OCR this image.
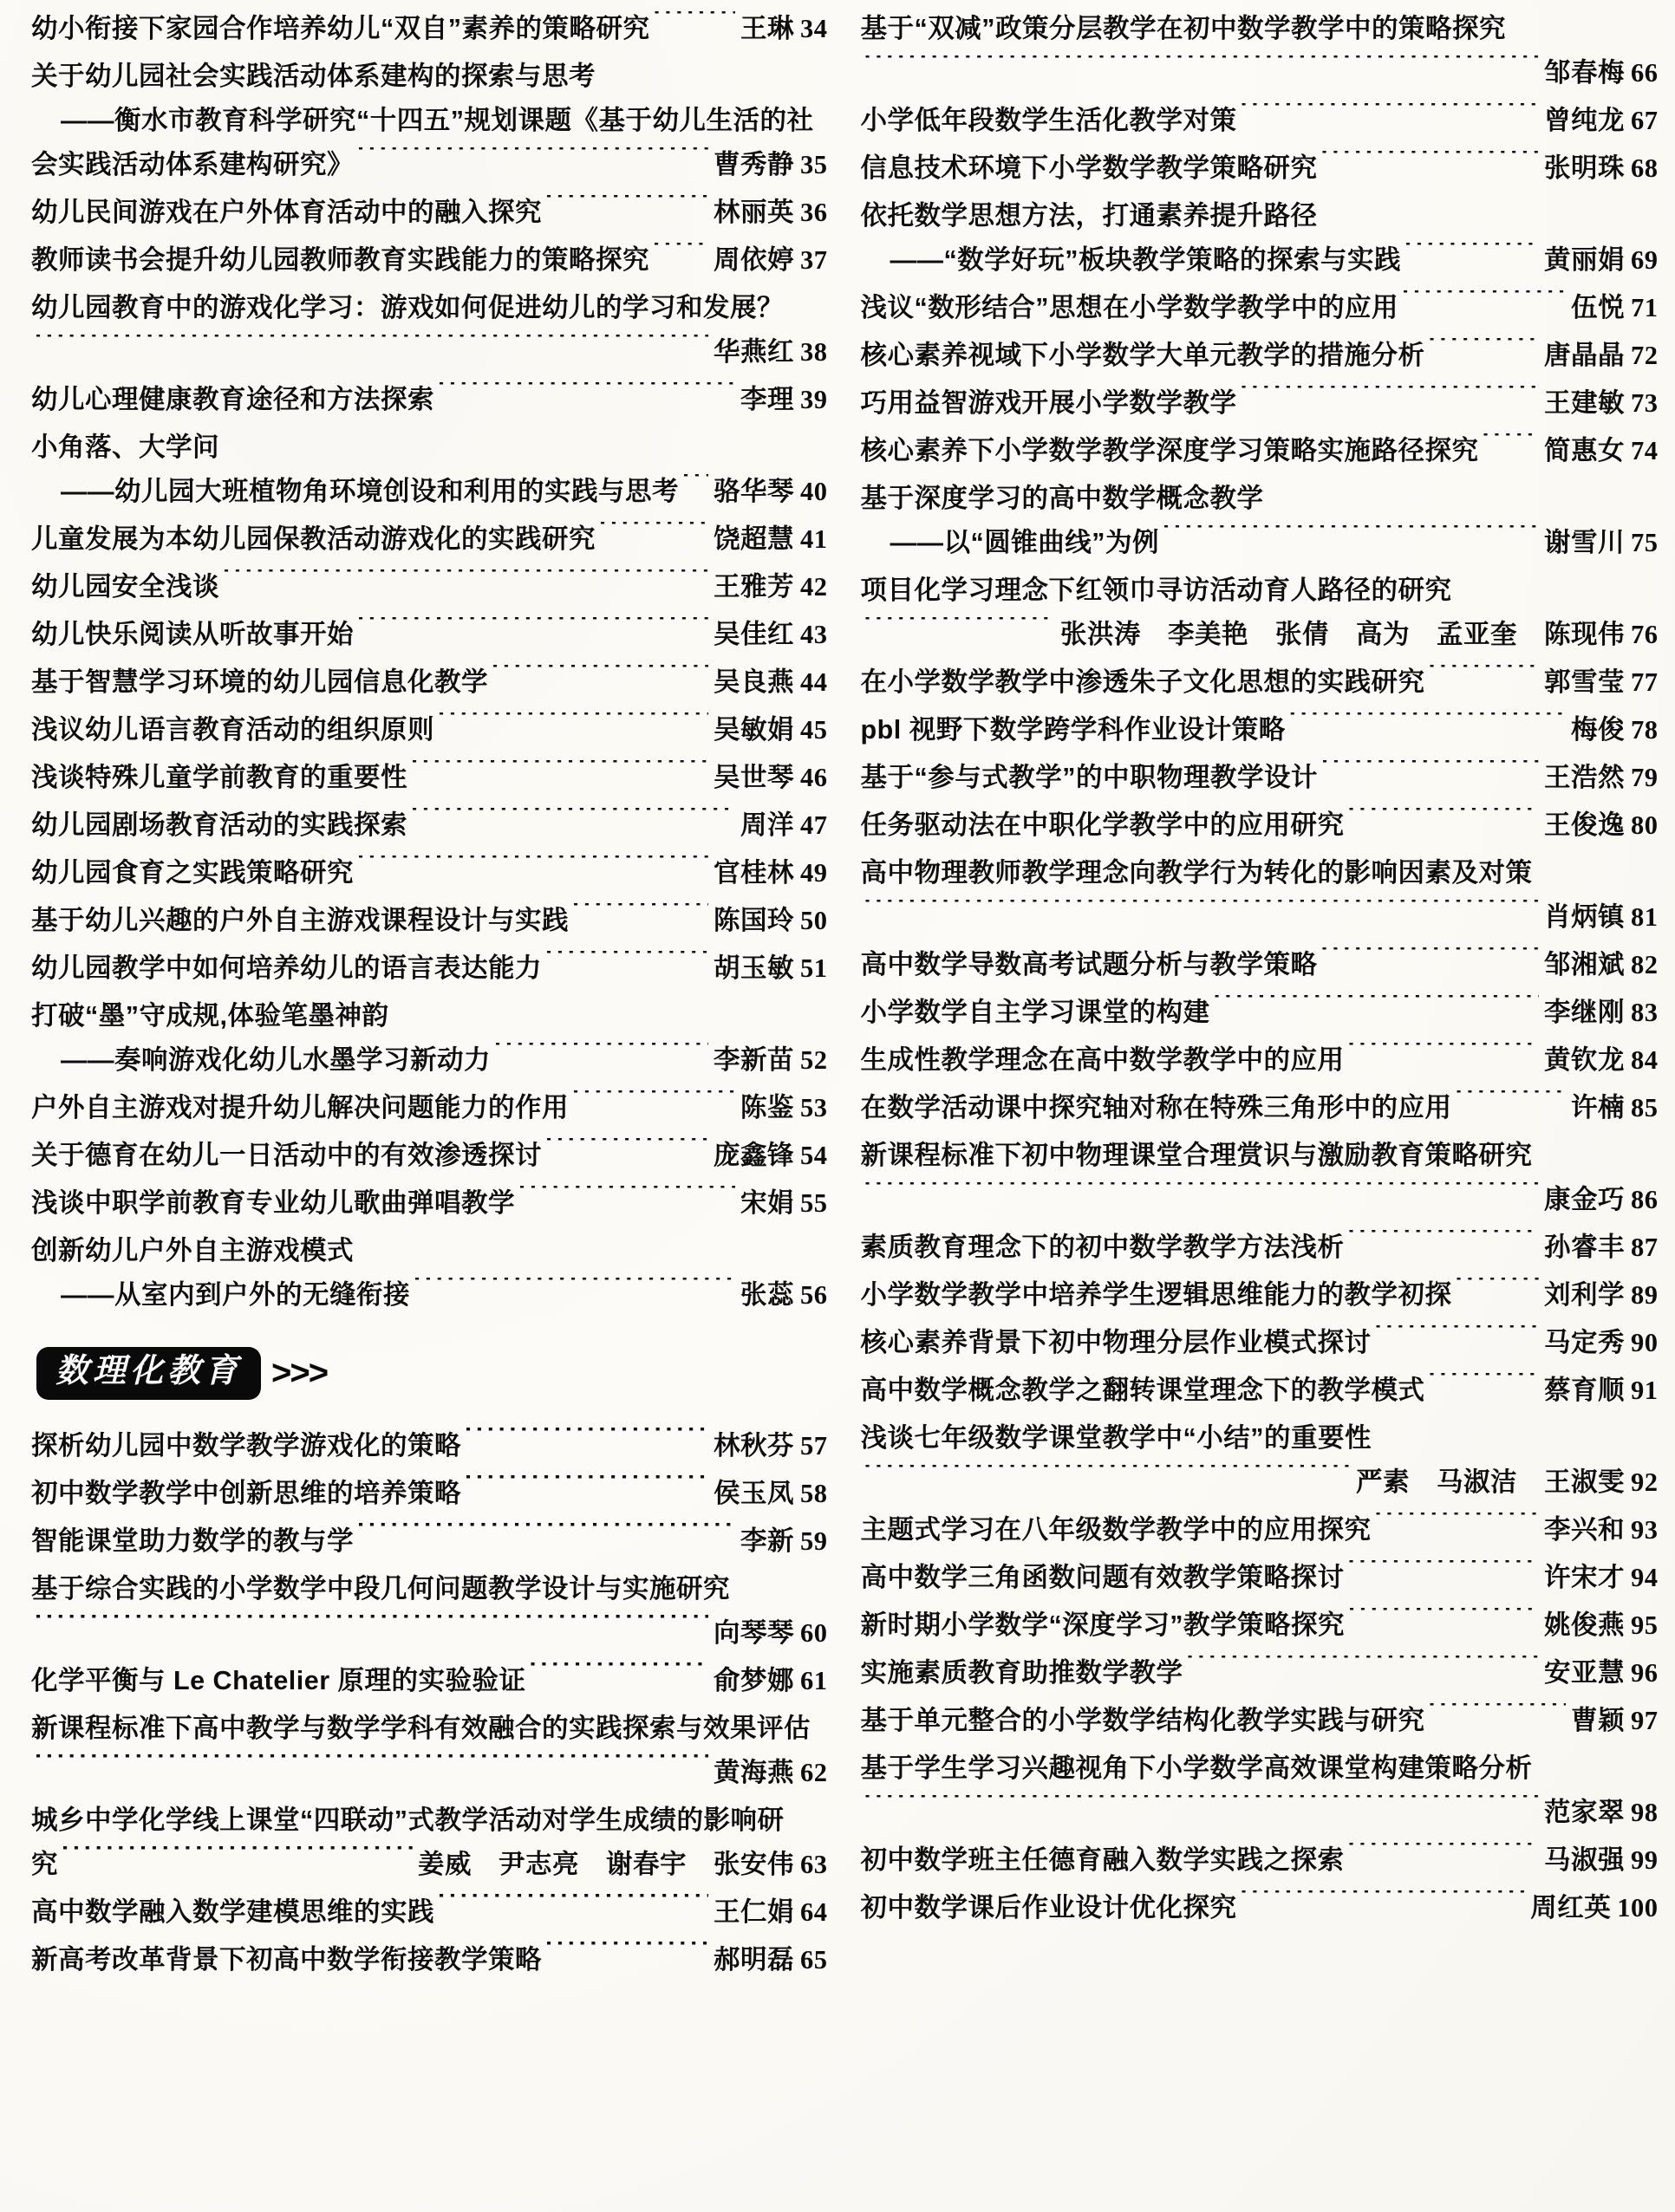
幼小衔接下家园合作培养幼儿“双自”素养的策略研究 ·····	王琳 34
关于幼儿园社会实践活动体系建构的探索与思考
——衡水市教育科学研究“十四五”规划课题《基于幼儿生活的社
会实践活动体系建构研究》 ·····	曹秀静 35
幼儿民间游戏在户外体育活动中的融入探究 ·····	林丽英 36
教师读书会提升幼儿园教师教育实践能力的策略探究 ····· 周依婷 37
幼儿园教育中的游戏化学习：游戏如何促进幼儿的学习和发展？
·····
华燕红 38
幼儿心理健康教育途径和方法探索 ·····	李理 39
小角落、大学问
——幼儿园大班植物角环境创设和利用的实践与思考 ····· 骆华琴 40
儿童发展为本幼儿园保教活动游戏化的实践研究 ·····	饶超慧 41
幼儿园安全浅谈 ·····	王雅芳 42
幼儿快乐阅读从听故事开始 ·····	吴佳红 43
基于智慧学习环境的幼儿园信息化教学 ·····	吴良燕 44
浅议幼儿语言教育活动的组织原则 ·····	吴敏娟 45
浅谈特殊儿童学前教育的重要性 ·····	吴世琴 46
幼儿园剧场教育活动的实践探索 ·····	周洋 47
幼儿园食育之实践策略研究 ·····	官桂林 49
基于幼儿兴趣的户外自主游戏课程设计与实践 ·····	陈国玲 50
幼儿园教学中如何培养幼儿的语言表达能力 ·····	胡玉敏 51
打破“墨”守成规,体验笔墨神韵
——奏响游戏化幼儿水墨学习新动力 ·····	李新苗 52
户外自主游戏对提升幼儿解决问题能力的作用 ·····	陈鉴 53
关于德育在幼儿一日活动中的有效渗透探讨 ·····	庞鑫锋 54
浅谈中职学前教育专业幼儿歌曲弹唱教学 ·····	宋娟 55
创新幼儿户外自主游戏模式
——从室内到户外的无缝衔接 ·····	张蕊 56
数理化教育 >>>
探析幼儿园中数学教学游戏化的策略 ·····	林秋芬 57
初中数学教学中创新思维的培养策略 ·····	侯玉凤 58
智能课堂助力数学的教与学 ·····	李新 59
基于综合实践的小学数学中段几何问题教学设计与实施研究
·····
向琴琴 60
化学平衡与 Le Chatelier 原理的实验验证 ·····	俞梦娜 61
新课程标准下高中教学与数学学科有效融合的实践探索与效果评估
·····
黄海燕 62
城乡中学化学线上课堂“四联动”式教学活动对学生成绩的影响研
究 ·····	姜威　尹志亮　谢春宇　张安伟 63
高中数学融入数学建模思维的实践 ·····	王仁娟 64
新高考改革背景下初高中数学衔接教学策略 ·····	郝明磊 65
基于“双减”政策分层教学在初中数学教学中的策略探究
·····
邹春梅 66
小学低年段数学生活化教学对策 ·····	曾纯龙 67
信息技术环境下小学数学教学策略研究 ·····	张明珠 68
依托数学思想方法，打通素养提升路径
——“数学好玩”板块教学策略的探索与实践 ·····	黄丽娟 69
浅议“数形结合”思想在小学数学教学中的应用 ·····	伍悦 71
核心素养视域下小学数学大单元教学的措施分析 ·····	唐晶晶 72
巧用益智游戏开展小学数学教学 ·····	王建敏 73
核心素养下小学数学教学深度学习策略实施路径探究 ····· 简惠女 74
基于深度学习的高中数学概念教学
——以“圆锥曲线”为例 ·····	谢雪川 75
项目化学习理念下红领巾寻访活动育人路径的研究
·····
张洪涛　李美艳　张倩　高为　孟亚奎　陈现伟 76
在小学数学教学中渗透朱子文化思想的实践研究 ·····	郭雪莹 77
pbl 视野下数学跨学科作业设计策略 ·····	梅俊 78
基于“参与式教学”的中职物理教学设计 ·····	王浩然 79
任务驱动法在中职化学教学中的应用研究 ·····	王俊逸 80
高中物理教师教学理念向教学行为转化的影响因素及对策
·····
肖炳镇 81
高中数学导数高考试题分析与教学策略 ·····	邹湘斌 82
小学数学自主学习课堂的构建 ·····	李继刚 83
生成性教学理念在高中数学教学中的应用 ·····	黄钦龙 84
在数学活动课中探究轴对称在特殊三角形中的应用 ·····	许楠 85
新课程标准下初中物理课堂合理赏识与激励教育策略研究
·····
康金巧 86
素质教育理念下的初中数学教学方法浅析 ·····	孙睿丰 87
小学数学教学中培养学生逻辑思维能力的教学初探 ·····	刘利学 89
核心素养背景下初中物理分层作业模式探讨 ·····	马定秀 90
高中数学概念教学之翻转课堂理念下的教学模式 ·····	蔡育顺 91
浅谈七年级数学课堂教学中“小结”的重要性
·····
严素　马淑洁　王淑雯 92
主题式学习在八年级数学教学中的应用探究 ·····	李兴和 93
高中数学三角函数问题有效教学策略探讨 ·····	许宋才 94
新时期小学数学“深度学习”教学策略探究 ·····	姚俊燕 95
实施素质教育助推数学教学 ·····	安亚慧 96
基于单元整合的小学数学结构化教学实践与研究 ·····	曹颖 97
基于学生学习兴趣视角下小学数学高效课堂构建策略分析
·····
范家翠 98
初中数学班主任德育融入数学实践之探索 ·····	马淑强 99
初中数学课后作业设计优化探究 ·····	周红英 100
